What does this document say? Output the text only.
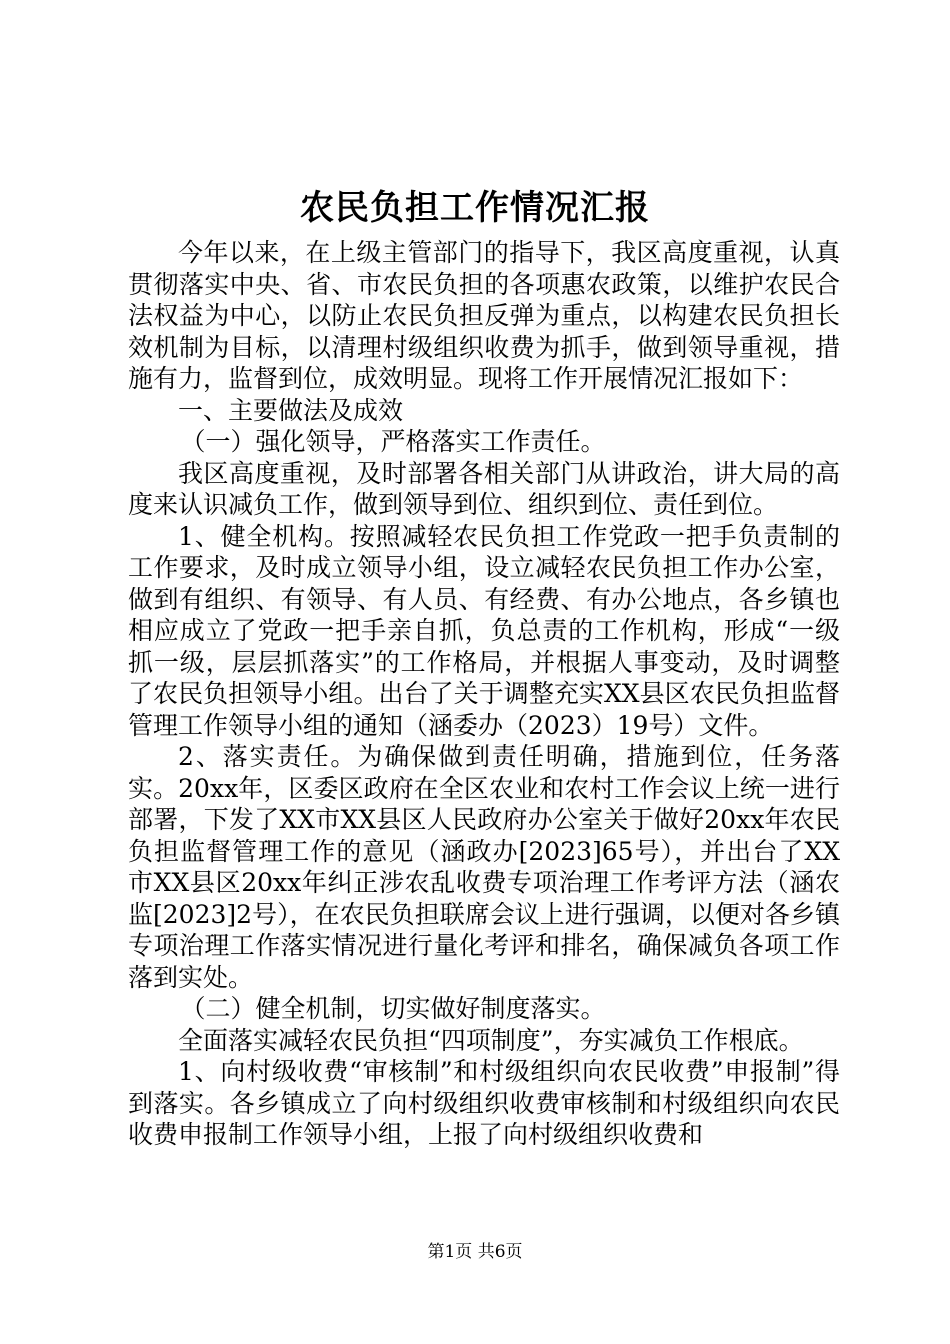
农民负担工作情况汇报

今年以来，在上级主管部门的指导下，我区高度重视，认真贯彻落实中央、省、市农民负担的各项惠农政策，以维护农民合法权益为中心，以防止农民负担反弹为重点，以构建农民负担长效机制为目标，以清理村级组织收费为抓手，做到领导重视，措施有力，监督到位，成效明显。现将工作开展情况汇报如下：

一、主要做法及成效

（一）强化领导，严格落实工作责任。

我区高度重视，及时部署各相关部门从讲政治，讲大局的高度来认识减负工作，做到领导到位、组织到位、责任到位。

1、健全机构。按照减轻农民负担工作党政一把手负责制的工作要求，及时成立领导小组，设立减轻农民负担工作办公室，做到有组织、有领导、有人员、有经费、有办公地点，各乡镇也相应成立了党政一把手亲自抓，负总责的工作机构，形成“一级抓一级，层层抓落实”的工作格局，并根据人事变动，及时调整了农民负担领导小组。出台了关于调整充实XX县区农民负担监督管理工作领导小组的通知（涵委办（2023）19号）文件。

2、落实责任。为确保做到责任明确，措施到位，任务落实。20xx年，区委区政府在全区农业和农村工作会议上统一进行部署，下发了XX市XX县区人民政府办公室关于做好20xx年农民负担监督管理工作的意见（涵政办[2023]65号），并出台了XX市XX县区20xx年纠正涉农乱收费专项治理工作考评方法（涵农监[2023]2号），在农民负担联席会议上进行强调，以便对各乡镇专项治理工作落实情况进行量化考评和排名，确保减负各项工作落到实处。

（二）健全机制，切实做好制度落实。

全面落实减轻农民负担“四项制度”，夯实减负工作根底。

1、向村级收费“审核制”和村级组织向农民收费”申报制”得到落实。各乡镇成立了向村级组织收费审核制和村级组织向农民收费申报制工作领导小组，上报了向村级组织收费和

第1页 共6页
